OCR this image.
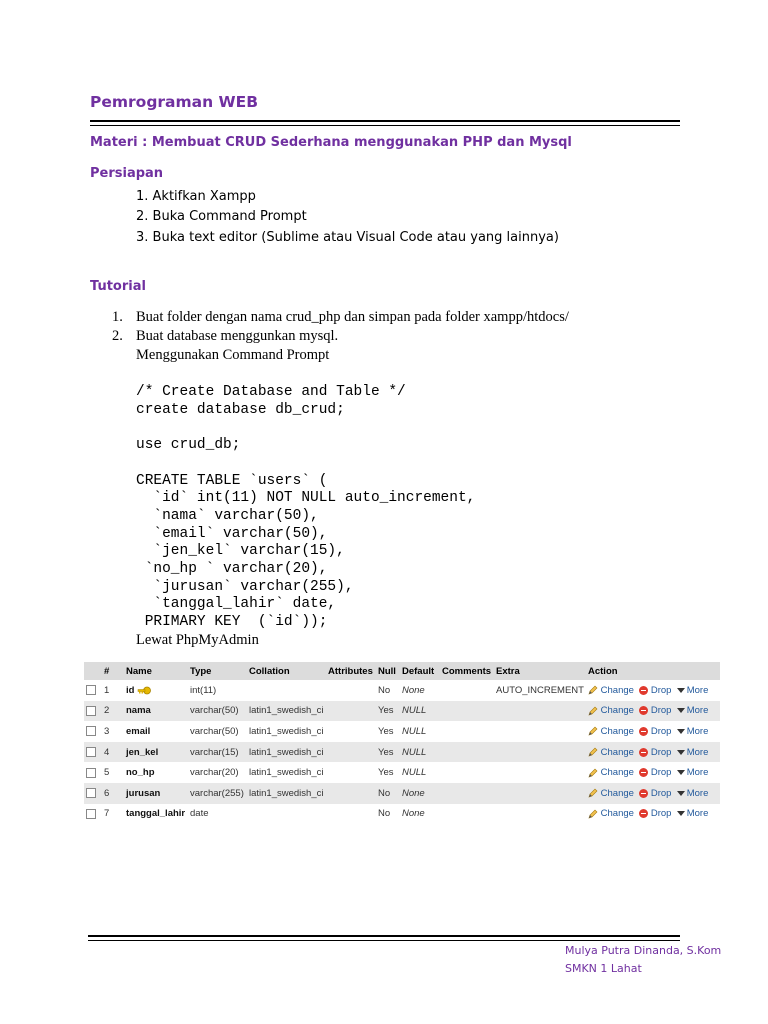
Pemrograman WEB
Materi : Membuat CRUD Sederhana menggunakan PHP dan Mysql
Persiapan
1. Aktifkan Xampp
2. Buka Command Prompt
3. Buka text editor (Sublime atau Visual Code atau yang lainnya)
Tutorial
1. Buat folder dengan nama crud_php dan simpan pada folder xampp/htdocs/
2. Buat database menggunkan mysql.
Menggunakan Command Prompt
/* Create Database and Table */
create database db_crud;

use crud_db;

CREATE TABLE `users` (
`id` int(11) NOT NULL auto_increment,
`nama` varchar(50),
`email` varchar(50),
`jen_kel` varchar(15),
`no_hp ` varchar(20),
`jurusan` varchar(255),
`tanggal_lahir` date,
PRIMARY KEY  (`id`));
Lewat PhpMyAdmin
	#	Name	Type	Collation	Attributes	Null	Default	Comments	Extra	Action
	1	id	int(11)			No	None		AUTO_INCREMENT	Change Drop More
	2	nama	varchar(50)	latin1_swedish_ci		Yes	NULL			Change Drop More
	3	email	varchar(50)	latin1_swedish_ci		Yes	NULL			Change Drop More
	4	jen_kel	varchar(15)	latin1_swedish_ci		Yes	NULL			Change Drop More
	5	no_hp	varchar(20)	latin1_swedish_ci		Yes	NULL			Change Drop More
	6	jurusan	varchar(255)	latin1_swedish_ci		No	None			Change Drop More
	7	tanggal_lahir	date			No	None			Change Drop More
Mulya Putra Dinanda, S.Kom
SMKN 1 Lahat
